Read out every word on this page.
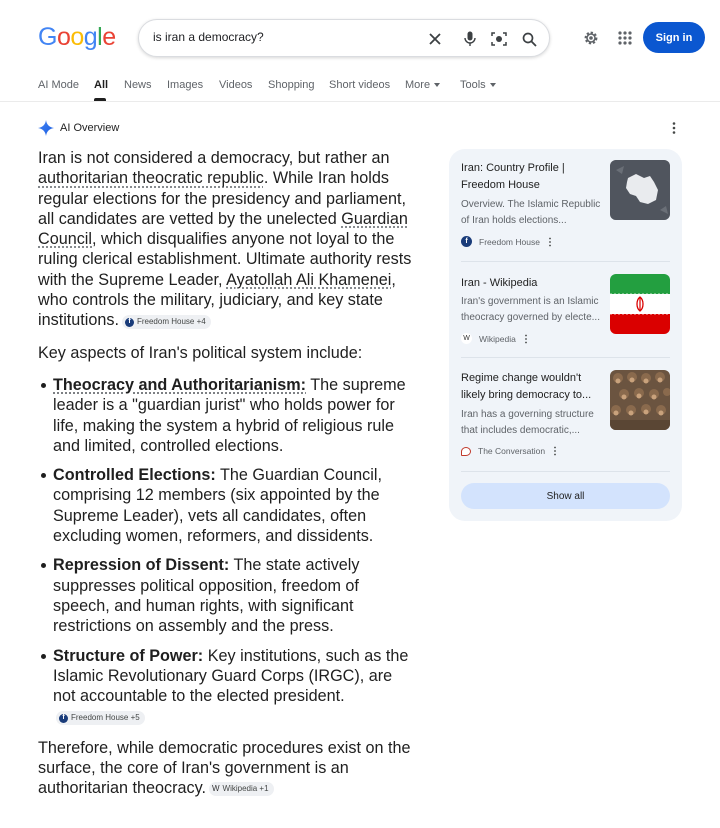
Google
is iran a democracy?	Sign in
AI Mode All News Images Videos Shopping Short videos More	Tools
AI Overview

Iran is not considered a democracy, but rather an authoritarian theocratic republic. While Iran holds regular elections for the presidency and parliament, all candidates are vetted by the unelected Guardian Council, which disqualifies anyone not loyal to the ruling clerical establishment. Ultimate authority rests with the Supreme Leader, Ayatollah Ali Khamenei, who controls the military, judiciary, and key state institutions.	f Freedom House +4

Key aspects of Iran's political system include:

Theocracy and Authoritarianism: The supreme leader is a "guardian jurist" who holds power for life, making the system a hybrid of religious rule and limited, controlled elections.
Controlled Elections: The Guardian Council, comprising 12 members (six appointed by the Supreme Leader), vets all candidates, often excluding women, reformers, and dissidents.
Repression of Dissent: The state actively suppresses political opposition, freedom of speech, and human rights, with significant restrictions on assembly and the press.
Structure of Power: Key institutions, such as the Islamic Revolutionary Guard Corps (IRGC), are not accountable to the elected president.
f Freedom House +5

Therefore, while democratic procedures exist on the surface, the core of Iran's government is an authoritarian theocracy. W Wikipedia +1

Iran: Country Profile | Freedom House
Overview. The Islamic Republic of Iran holds elections...
f	Freedom House
Iran - Wikipedia
Iran's government is an Islamic theocracy governed by electe...
W Wikipedia
Regime change wouldn't likely bring democracy to...
Iran has a governing structure that includes democratic,...
The Conversation
Show all
